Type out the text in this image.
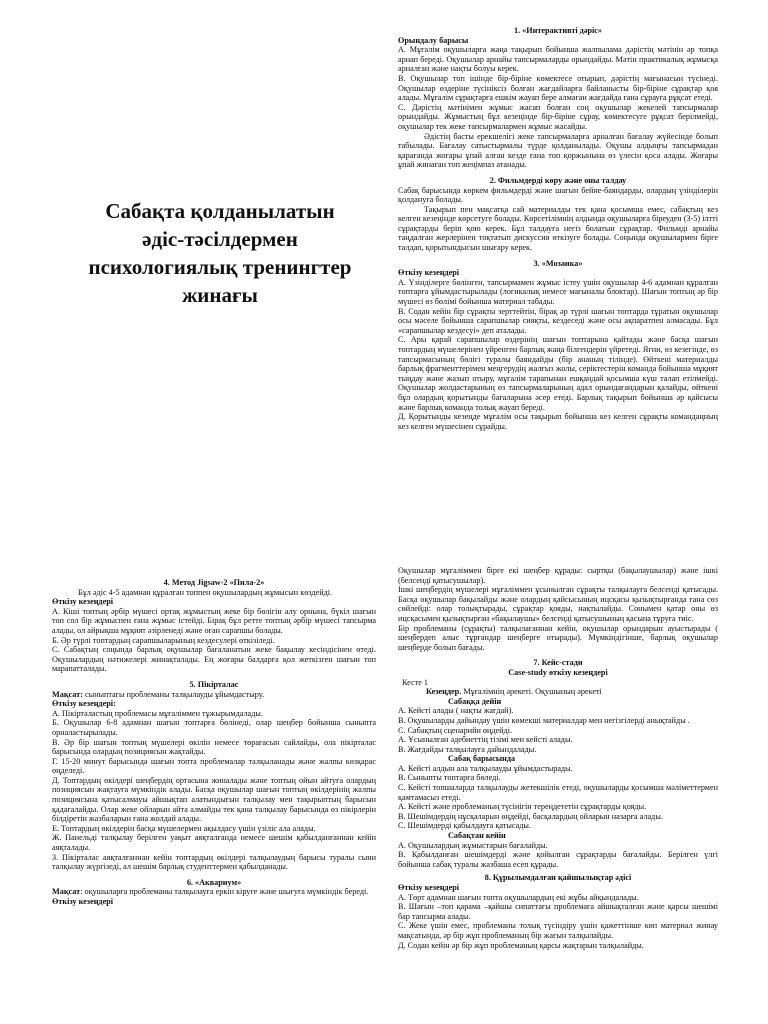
Сабақта қолданылатын
әдіс-тәсілдермен
психологиялық тренингтер
жинағы

1. «Интерактивті дәріс»

Орындалу барысы

А. Мұғалім оқушыларға жаңа тақырып бойынша жалпылама дәрістің мәтінін әр топқа арнап береді. Оқушылар арнайы тапсырмаларды орындайды. Мәтін практикалық жұмысқа арналған және нақты болуы керек.

В. Оқушылар топ ішінде бір-біріне көмектесе отырып, дәрістің мағынасын түсінеді. Оқушылар өздеріне түсініксіз болған жағдайларға байланысты бір-біріне сұрақтар қоя алады. Мұғалім сұрақтарға ешкім жауап бере алмаған жағдайда ғана сұрауға рұқсат етеді.

С. Дәрістің мәтінімен жұмыс жасап болған соң оқушылар жекелей тапсырмалар орындайды. Жұмыстың бұл кезеңінде бір-біріне сұрау, көмектесуге рұқсат берілмейді, оқушылар тек жеке тапсырмалармен жұмыс жасайды.

Әдістің басты ерекшелігі жеке тапсырмаларға арналған бағалау жүйесінде болып табылады. Бағалау сатыстырмалы түрде қолданылады. Оқушы алдыңғы тапсырмадан қарағанда жоғары ұпай алған кезде ғана топ қоржынына өз үлесін қоса алады. Жоғары ұпай жинаған топ жеңімпаз атанады.

2. Фильмдерді көру және оны талдау

Сабақ барысында көркем фильмдерді және шағын бейне-баяндарды, олардың үзінділерін қолдануға болады.

Тақырып пен мақсатқа сай материалды тек қана қосымша емес, сабақтың кез келген кезеңінде көрсетуге болады. Көрсетілімнің алдында оқушыларға біреуден (3-5) ілтті сұрақтарды беріп қою керек. Бұл талдауға негіз болатын сұрақтар. Фильмді арнайы таңдалған жерлерінен тоқтатып дискуссия өткізуге болады. Соңында оқушылармен бірге талдап, қорытындысын шығару керек.

3. «Мозаика»

Өткізу кезеңдері

А. Үзінділерге бөлінген, тапсырмамен жұмыс істеу үшін оқушылар 4-6 адамнан құралған топтарға ұйымдастырылады (логикалық немесе мағыналы блоктар). Шағын топтың әр бір мүшесі өз бөлімі бойынша материал табады.

В. Содан кейін бір сұрақты зерттейтін, бірақ әр түрлі шағын топтарда тұратын оқушылар осы мәселе бойынша сарапшылар сияқты, кездеседі және осы ақпаратпен алмасады. Бұл «сарапшылар кездесуі» деп аталады.

С. Ары қарай сарапшылар өздерінің шағын топтарына қайтады және басқа шағын топтардың мүшелерінен үйренген барлық жаңа білгендерін үйретеді. Яғни, өз кезегінде, өз тапсырмасының бөлігі туралы баяндайды (бір ананың тілінде). Өйткені материалды барлық фрагменттерімен меңгерудің жалғыз жолы, серіктестерін команда бойынша мұқият тыңдау және жазып отыру, мұғалім тарапынан ешқандай қосымша күш талап етілмейді. Оқушылар жолдастарының өз тапсырмаларының адал орындағандарын қалайды, өйткені бұл олардың қорытынды бағаларына әсер етеді. Барлық тақырып бойынша әр қайсысы және барлық команда толық жауап береді.

Д. Қорытынды кезеңде мұғалім осы тақырып бойынша кез келген сұрақты командаңның кез келген мүшесінен сұрайды.

4. Метод Jigsaw-2 «Пила-2»

Бұл әдіс 4-5 адамнан құралған топпен оқушылардың жұмысын көздейді.

Өткізу кезеңдері

А. Кіші топтың әрбір мүшесі ортақ жұмыстың жеке бір бөлігін алу орнына, бүкіл шағын топ сол бір жұмыспен ғана жұмыс істейді. Бірақ бұл ретте топтың әрбір мүшесі тапсырма алады, ол айрықша мұқият әзірленеді және оған сарапшы болады.

Б. Әр түрлі топтардың сарапшыларының кездесулері өткізіледі.

С. Сабақтың соңында барлық оқушылар бағаланатын жеке бақылау кесіндісінен өтеді. Оқушылардың нәтижелері жинақталады. Ең жоғары балдарға қол жеткізген шағын топ марапатталады.

5. Пікірталас

Мақсат: сыныптағы проблеманы талқылауды ұйымдастыру.

Өткізу кезеңдері:

А. Пікірталастың проблемасы мұғаліммен тұжырымдалады.

Б. Оқушылар 6-8 адамнан шағын топтарға бөлінеді, олар шеңбер бойынша сыныпта орналастырылады.

В. Әр бір шағын топтың мүшелері өкілін немесе төрағасын сайлайды, ола пікірталас барысында олардың позициясын жақтайды.

Г. 15-20 минут барысында шағын топта проблемалар талқыланады және жалпы көзқарас өңделеді.

Д. Топтардың өкілдері шеңбердің ортасына жиналады және топтың ойын айтуға олардың позициясын жақтауға мүмкіндік алады. Басқа оқушылар шағын топтың өкілдерінің жалпы позициясына қатысалмауы айшықтап алатындығын талқылау мен тақырыптың барысын қадағалайды. Олар жеке ойларын айта алмайды тек қана талқылау барысында өз пікірлерін білдіретін жазбаларын ғана жолдай алады.

Е. Топтардың өкілдерін басқа мүшелермен ақылдасу үшін үзіліс ала алады.

Ж. Панельді талқылау берілген уақыт аяқталғанда немесе шешім қабылданғаннан кейін аяқталады.

З. Пікірталас аяқталғаннан кейін топтардың өкілдері талқылаудың барысы туралы сыни талқылау жүргізеді, ал шешім барлық студенттермен қабылданады.

6. «Аквариум»

Мақсат: оқушыларға проблеманы талқылауға еркін кіруге және шығуға мүмкіндік береді.

Өткізу кезеңдері

Оқушылар мұғаліммен бірге екі шеңбер құрады: сыртқы (бақылаушылар) және ішкі (белсенді қатысушылар).

Ішкі шеңбердің мүшелері мұғаліммен ұсынылған сұрақты талқылауға белсенді қатысады. Басқа оқушылар бақылайды және олардың қайсысының ицсқасы қызықтырғанда ғана сөз сөйлейді: олар толықтырады, сұрақтар қояды, нақтылайды. Сонымен қатар оны өз ицсқасымен қызықтырған «бақылаушы» белсенді қатысушының қасына тұруға тиіс.

Бір проблеманы (сұрақты) талқылағаннан кейін, оқушылар орындарын ауыстырады ( шеңбердеn алыс тұрғандар шеңберге отырады). Мүмкіндігінше, барлық оқушылар шеңберде болып бағады.

7. Кейс-стади

Case-study өткізу кезеңдері

Кесте 1

Кезеңдер. Мұғалімнің әрекеті. Оқушының әрекеті

Сабаққа дейін

А. Кейсті алады ( нақты жағдай).

В. Оқушыларды дайындау үшін көмекші материалдар мен негізгілерді анықтайды .

С. Сабақтың сценарийн өңдейді.

А. Ұсынылған әдебиеттің тізімі мен кейсті алады.

В. Жағдайды талқылауға дайындалады.

Сабақ барысында

А. Кейсті алдын ала талқылауды ұйымдастырады.

В. Сыныпты топтарға бөледі.

С. Кейсті топшаларда талқылауды жетекшілік етеді, оқушыларды қосымша мәліметтермен қамтамасыз етеді.

А. Кейсті және проблеманың түсінігін тереңдететін сұрақтарды қояды.

В. Шешімдердің нұсқаларын өңдейді, басқалардың ойларын назарға алады.

С. Шешімдерді қабылдауға қатысады.

Сабақтан кейін

А. Оқушылардың жұмыстарын бағалайды.

В. Қабылданған шешімдерді және қойылған сұрақтарды бағалайды. Берілген үлгі бойынша сабақ туралы жазбаша есеп құрады.

8. Құрылымдалған қайшылықтар әдісі

Өткізу кезеңдері

А. Төрт адамнан шағын топта оқушылардың екі жұбы айқындалады.

В. Шағын –топ қарама –қайшы сипаттағы проблемаға айшықталған және қарсы шешімі бар тапсырма алады.

С. Жеке үшін емес, проблеманы толық түсіндіру үшін қажеттінше көп материал жинау мақсатында, әр бір жұп проблеманың бір жағын талқылайды.

Д. Содан кейін әр бір жұп проблеманың қарсы жақтарын талқылайды.
